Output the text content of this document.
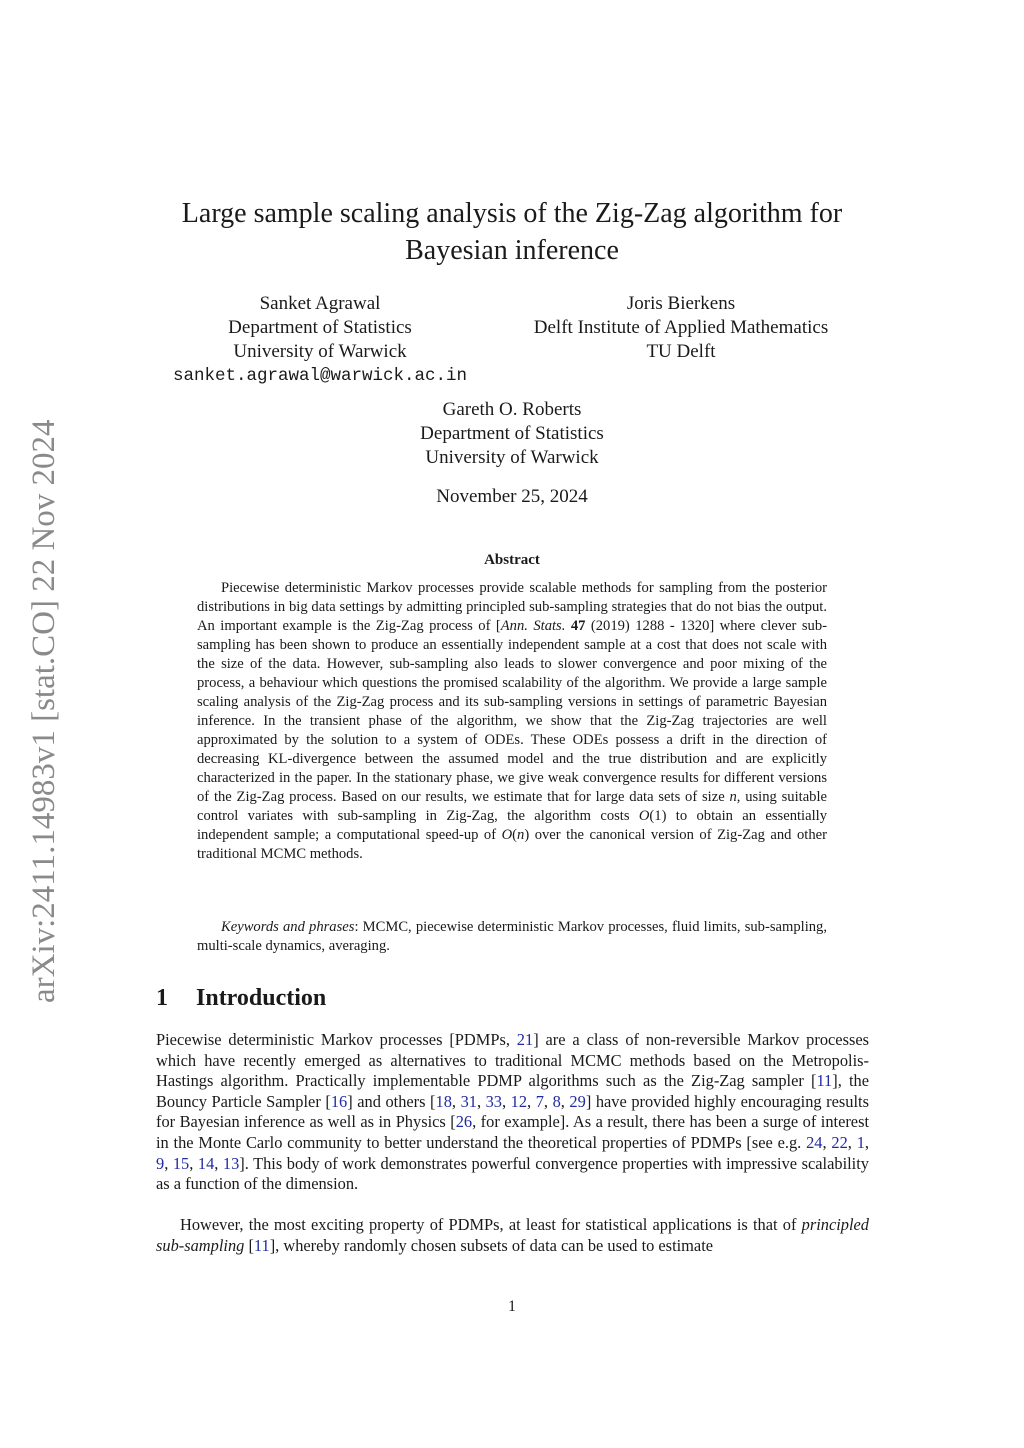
arXiv:2411.14983v1 [stat.CO] 22 Nov 2024
Large sample scaling analysis of the Zig-Zag algorithm for
Bayesian inference
Sanket Agrawal
Department of Statistics
University of Warwick
sanket.agrawal@warwick.ac.in
Joris Bierkens
Delft Institute of Applied Mathematics
TU Delft
Gareth O. Roberts
Department of Statistics
University of Warwick
November 25, 2024
Abstract

Piecewise deterministic Markov processes provide scalable methods for sampling from the posterior distributions in big data settings by admitting principled sub-sampling strategies that do not bias the output. An important example is the Zig-Zag process of [Ann. Stats. 47 (2019) 1288 - 1320] where clever sub-sampling has been shown to produce an essentially independent sample at a cost that does not scale with the size of the data. However, sub-sampling also leads to slower convergence and poor mixing of the process, a behaviour which questions the promised scalability of the algorithm. We provide a large sample scaling analysis of the Zig-Zag process and its sub-sampling versions in settings of parametric Bayesian inference. In the transient phase of the algorithm, we show that the Zig-Zag trajectories are well approximated by the solution to a system of ODEs. These ODEs possess a drift in the direction of decreasing KL-divergence between the assumed model and the true distribution and are explicitly characterized in the paper. In the stationary phase, we give weak convergence results for different versions of the Zig-Zag process. Based on our results, we estimate that for large data sets of size n, using suitable control variates with sub-sampling in Zig-Zag, the algorithm costs O(1) to obtain an essentially independent sample; a computational speed-up of O(n) over the canonical version of Zig-Zag and other traditional MCMC methods.

Keywords and phrases: MCMC, piecewise deterministic Markov processes, fluid limits, sub-sampling, multi-scale dynamics, averaging.

1 Introduction

Piecewise deterministic Markov processes [PDMPs, 21] are a class of non-reversible Markov processes which have recently emerged as alternatives to traditional MCMC methods based on the Metropolis-Hastings algorithm. Practically implementable PDMP algorithms such as the Zig-Zag sampler [11], the Bouncy Particle Sampler [16] and others [18, 31, 33, 12, 7, 8, 29] have provided highly encouraging results for Bayesian inference as well as in Physics [26, for example]. As a result, there has been a surge of interest in the Monte Carlo community to better understand the theoretical properties of PDMPs [see e.g. 24, 22, 1, 9, 15, 14, 13]. This body of work demonstrates powerful convergence properties with impressive scalability as a function of the dimension.

However, the most exciting property of PDMPs, at least for statistical applications is that of principled sub-sampling [11], whereby randomly chosen subsets of data can be used to estimate

1
